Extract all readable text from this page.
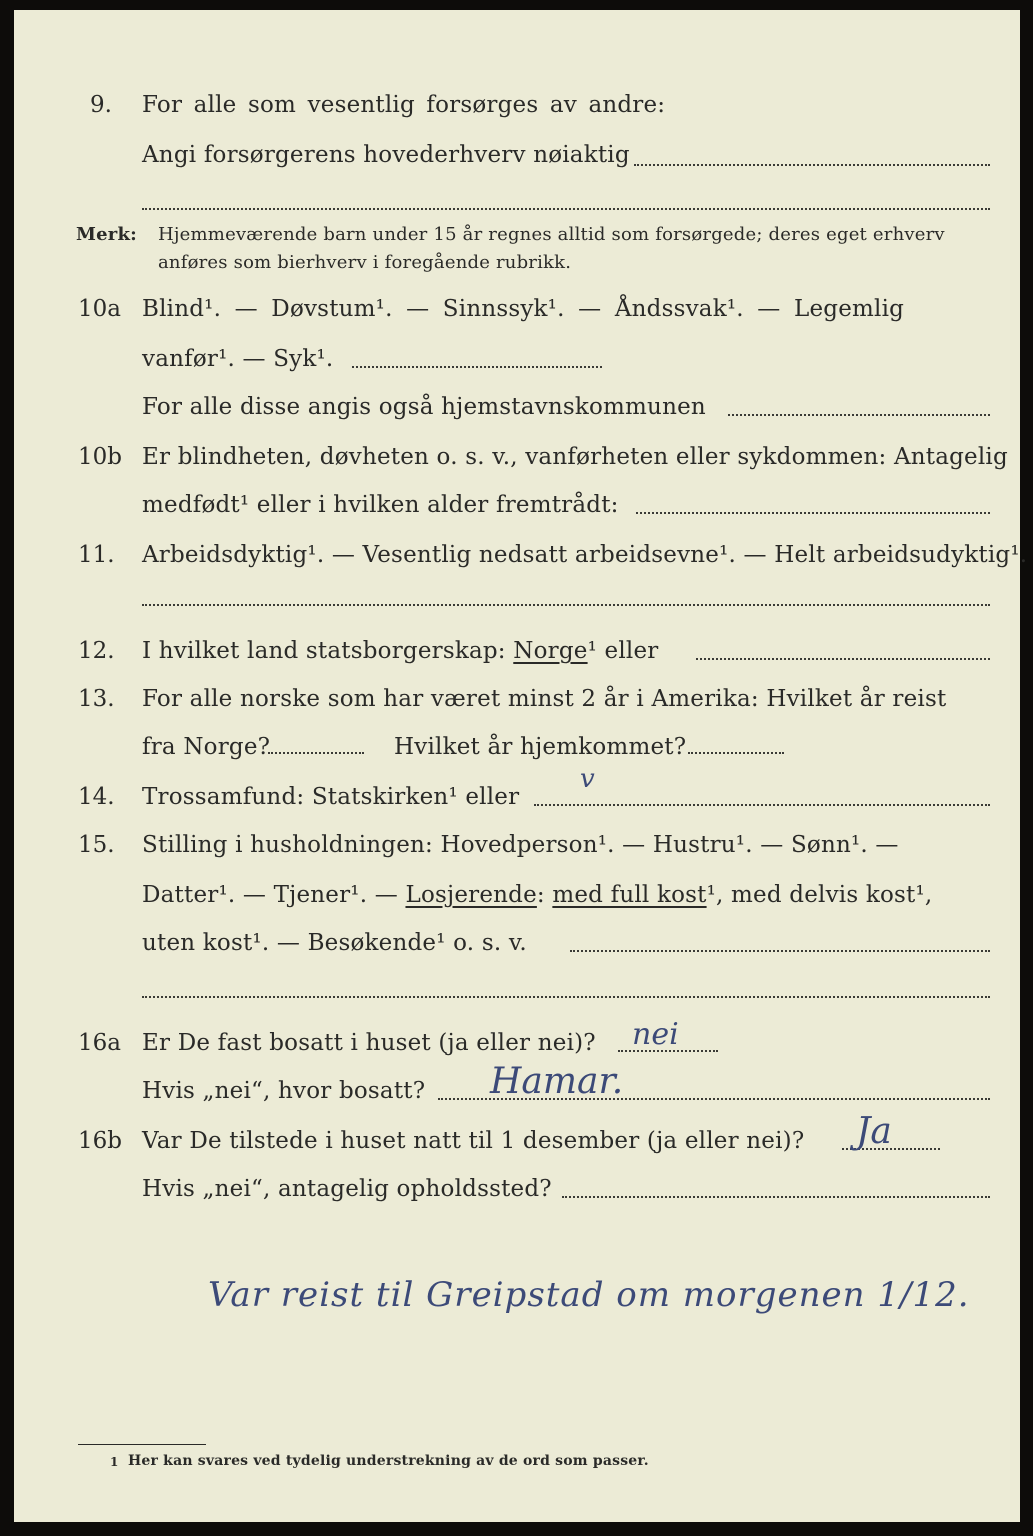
9. For alle som vesentlig forsørges av andre:
Angi forsørgerens hovederhverv nøiaktig
Merk: Hjemmeværende barn under 15 år regnes alltid som forsørgede; deres eget erhverv
anføres som bierhverv i foregående rubrikk.
10a Blind¹. — Døvstum¹. — Sinnssyk¹. — Åndssvak¹. — Legemlig
vanfør¹. — Syk¹.
For alle disse angis også hjemstavnskommunen
10b Er blindheten, døvheten o. s. v., vanførheten eller sykdommen: Antagelig
medfødt¹ eller i hvilken alder fremtrådt:
11. Arbeidsdyktig¹. — Vesentlig nedsatt arbeidsevne¹. — Helt arbeidsudyktig¹.
12. I hvilket land statsborgerskap: Norge¹ eller
13. For alle norske som har været minst 2 år i Amerika: Hvilket år reist
fra Norge?	Hvilket år hjemkommet?
14. Trossamfund: Statskirken¹ eller
v
15. Stilling i husholdningen: Hovedperson¹. — Hustru¹. — Sønn¹. —
Datter¹. — Tjener¹. — Losjerende: med full kost¹, med delvis kost¹,
uten kost¹. — Besøkende¹ o. s. v.
16a Er De fast bosatt i huset (ja eller nei)? nei
Hvis „nei“, hvor bosatt? Hamar.
16b Var De tilstede i huset natt til 1 desember (ja eller nei)? Ja
Hvis „nei“, antagelig opholdssted?
Var reist til Greipstad om morgenen 1/12.
1 Her kan svares ved tydelig understrekning av de ord som passer.
